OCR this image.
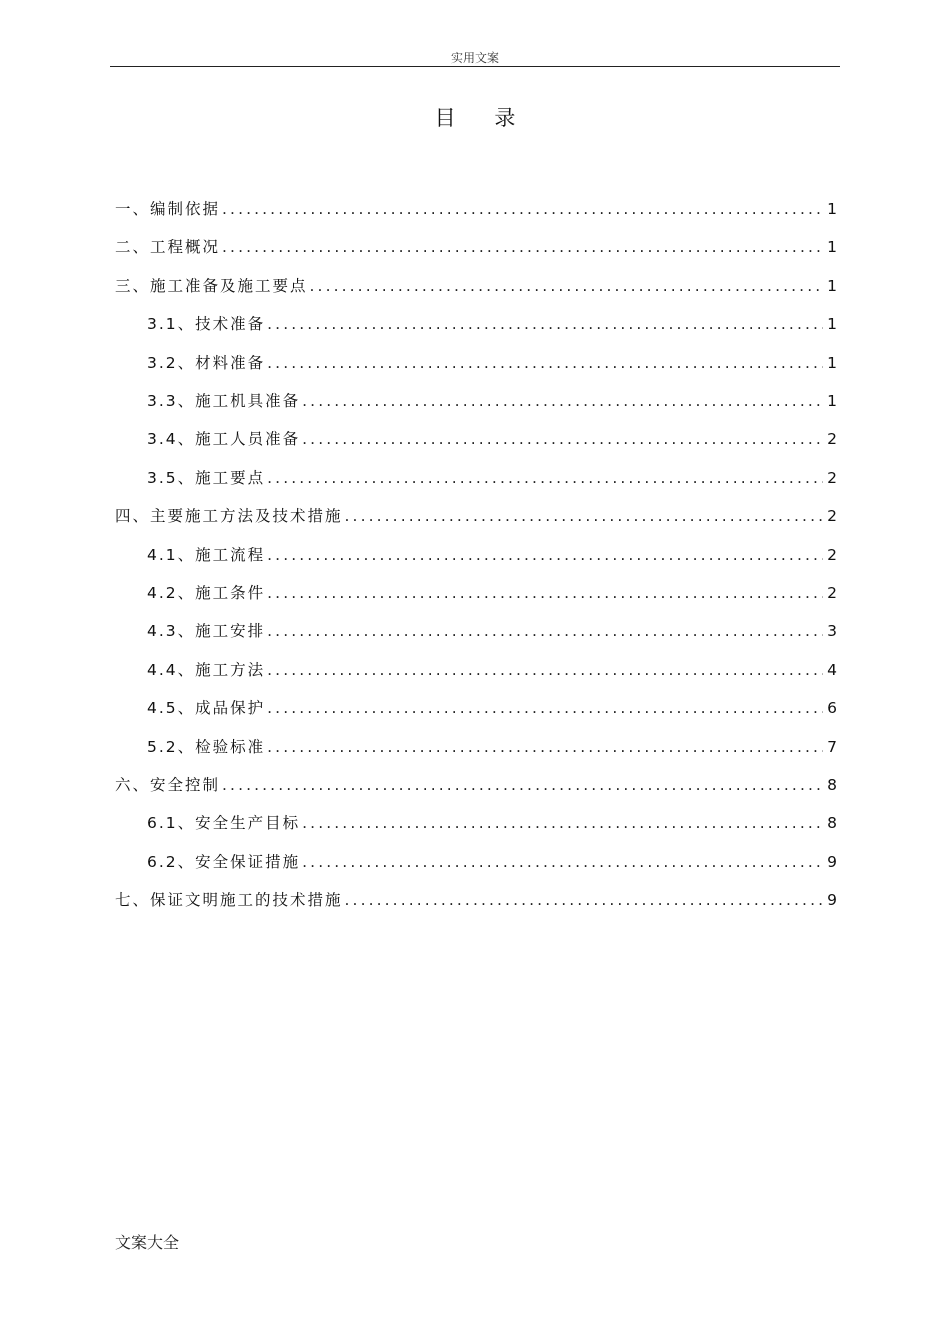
实用文案
目 录
一、编制依据 .....	1
二、工程概况 .....	1
三、施工准备及施工要点 .....	1
3.1、技术准备 .....	1
3.2、材料准备 .....	1
3.3、施工机具准备 .....	1
3.4、施工人员准备 .....	2
3.5、施工要点 .....	2
四、主要施工方法及技术措施 .....	2
4.1、施工流程 .....	2
4.2、施工条件 .....	2
4.3、施工安排 .....	3
4.4、施工方法 .....	4
4.5、成品保护 .....	6
5.2、检验标准 .....	7
六、安全控制 .....	8
6.1、安全生产目标 .....	8
6.2、安全保证措施 .....	9
七、保证文明施工的技术措施 .....	9
文案大全
